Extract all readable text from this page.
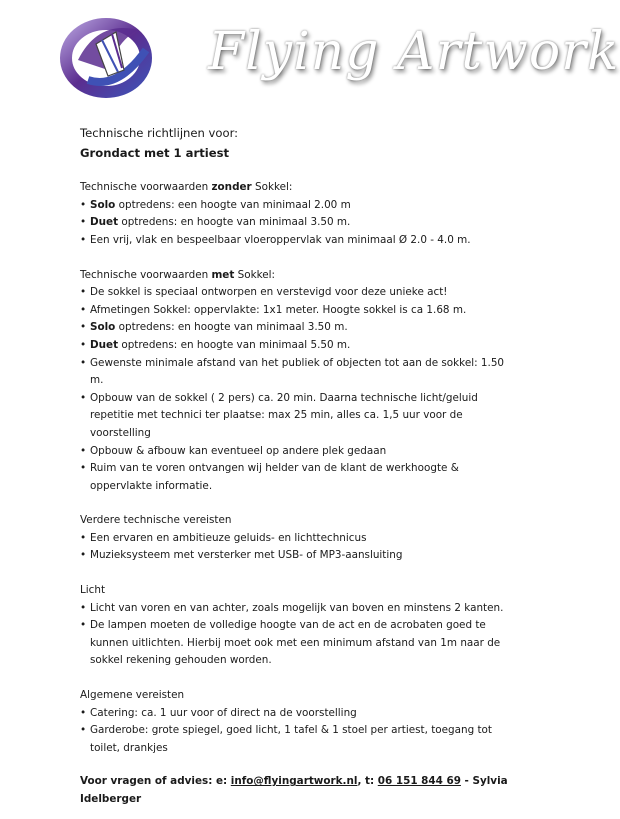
Flying Artwork

Technische richtlijnen voor:

Grondact met 1 artiest

Technische voorwaarden zonder Sokkel:

• Solo optredens: een hoogte van minimaal 2.00 m

• Duet optredens: en hoogte van minimaal 3.50 m.

• Een vrij, vlak en bespeelbaar vloeroppervlak van minimaal Ø 2.0 - 4.0 m.

Technische voorwaarden met Sokkel:

• De sokkel is speciaal ontworpen en verstevigd voor deze unieke act!

• Afmetingen Sokkel: oppervlakte: 1x1 meter. Hoogte sokkel is ca 1.68 m.

• Solo optredens: en hoogte van minimaal 3.50 m.

• Duet optredens: en hoogte van minimaal 5.50 m.

• Gewenste minimale afstand van het publiek of objecten tot aan de sokkel: 1.50 m.

• Opbouw van de sokkel ( 2 pers) ca. 20 min. Daarna technische licht/geluid repetitie met technici ter plaatse: max 25 min, alles ca. 1,5 uur voor de voorstelling

• Opbouw & afbouw kan eventueel op andere plek gedaan

• Ruim van te voren ontvangen wij helder van de klant de werkhoogte & oppervlakte informatie.

Verdere technische vereisten

• Een ervaren en ambitieuze geluids- en lichttechnicus

• Muzieksysteem met versterker met USB- of MP3-aansluiting

Licht

• Licht van voren en van achter, zoals mogelijk van boven en minstens 2 kanten.

• De lampen moeten de volledige hoogte van de act en de acrobaten goed te kunnen uitlichten. Hierbij moet ook met een minimum afstand van 1m naar de sokkel rekening gehouden worden.

Algemene vereisten

• Catering: ca. 1 uur voor of direct na de voorstelling

• Garderobe: grote spiegel, goed licht, 1 tafel & 1 stoel per artiest, toegang tot toilet, drankjes

Voor vragen of advies: e: info@flyingartwork.nl, t: 06 151 844 69 - Sylvia Idelberger
